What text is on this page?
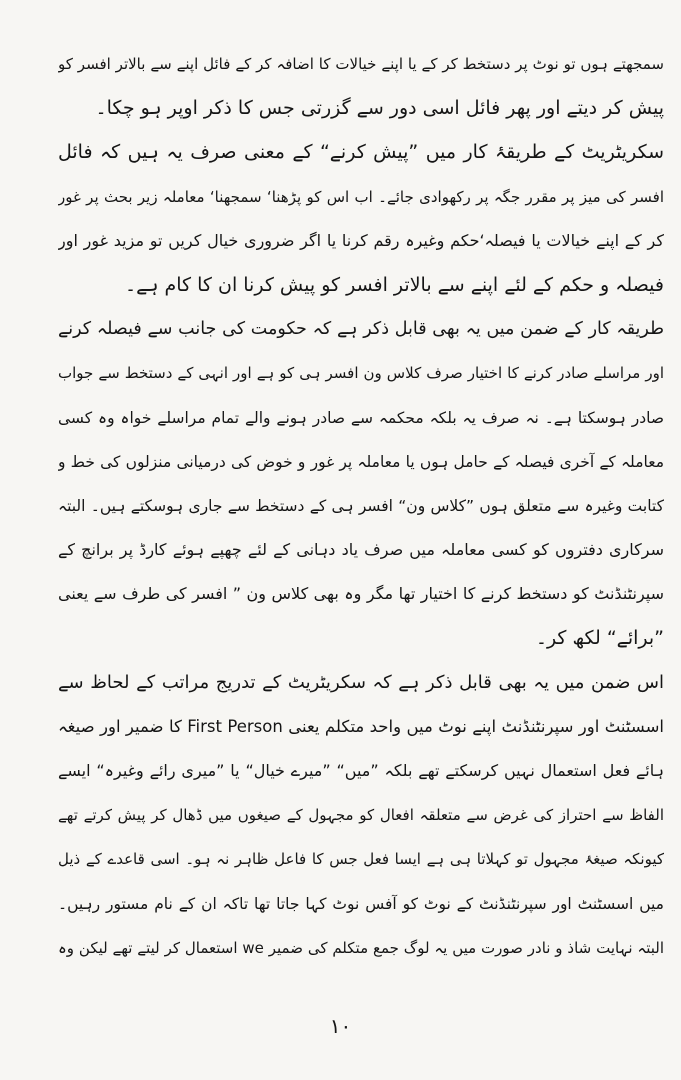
سمجھتے ہوں تو نوٹ پر دستخط کر کے یا اپنے خیالات کا اضافہ کر کے فائل اپنے سے بالاتر افسر کو
پیش کر دیتے اور پھر فائل اسی دور سے گزرتی جس کا ذکر اوپر ہو چکا۔
سکریٹریٹ کے طریقۂ کار میں ”پیش کرنے“ کے معنی صرف یہ ہیں کہ فائل
افسر کی میز پر مقرر جگہ پر رکھوادی جائے۔ اب اس کو پڑھنا‘ سمجھنا‘ معاملہ زیر بحث پر غور
کر کے اپنے خیالات یا فیصلہ‘حکم وغیرہ رقم کرنا یا اگر ضروری خیال کریں تو مزید غور اور
فیصلہ و حکم کے لئے اپنے سے بالاتر افسر کو پیش کرنا ان کا کام ہے۔
طریقہ کار کے ضمن میں یہ بھی قابل ذکر ہے کہ حکومت کی جانب سے فیصلہ کرنے
اور مراسلے صادر کرنے کا اختیار صرف کلاس ون افسر ہی کو ہے اور انہی کے دستخط سے جواب
صادر ہوسکتا ہے۔ نہ صرف یہ بلکہ محکمہ سے صادر ہونے والے تمام مراسلے خواہ وہ کسی
معاملہ کے آخری فیصلہ کے حامل ہوں یا معاملہ پر غور و خوض کی درمیانی منزلوں کی خط و
کتابت وغیرہ سے متعلق ہوں ”کلاس ون“ افسر ہی کے دستخط سے جاری ہوسکتے ہیں۔ البتہ
سرکاری دفتروں کو کسی معاملہ میں صرف یاد دہانی کے لئے چھپے ہوئے کارڈ پر برانچ کے
سپرنٹنڈنٹ کو دستخط کرنے کا اختیار تھا مگر وہ بھی کلاس ون ” افسر کی طرف سے یعنی
”برائے“ لکھ کر۔
اس ضمن میں یہ بھی قابل ذکر ہے کہ سکریٹریٹ کے تدریج مراتب کے لحاظ سے
اسسٹنٹ اور سپرنٹنڈنٹ اپنے نوٹ میں واحد متکلم یعنی First Person کا ضمیر اور صیغہ
ہائے فعل استعمال نہیں کرسکتے تھے بلکہ ”میں“ ”میرے خیال“ یا ”میری رائے وغیرہ“ ایسے
الفاظ سے احتراز کی غرض سے متعلقہ افعال کو مجہول کے صیغوں میں ڈھال کر پیش کرتے تھے
کیونکہ صیغۂ مجہول تو کہلاتا ہی ہے ایسا فعل جس کا فاعل ظاہر نہ ہو۔ اسی قاعدے کے ذیل
میں اسسٹنٹ اور سپرنٹنڈنٹ کے نوٹ کو آفس نوٹ کہا جاتا تھا تاکہ ان کے نام مستور رہیں۔
البتہ نہایت شاذ و نادر صورت میں یہ لوگ جمع متکلم کی ضمیر we استعمال کر لیتے تھے لیکن وہ
۱۰
